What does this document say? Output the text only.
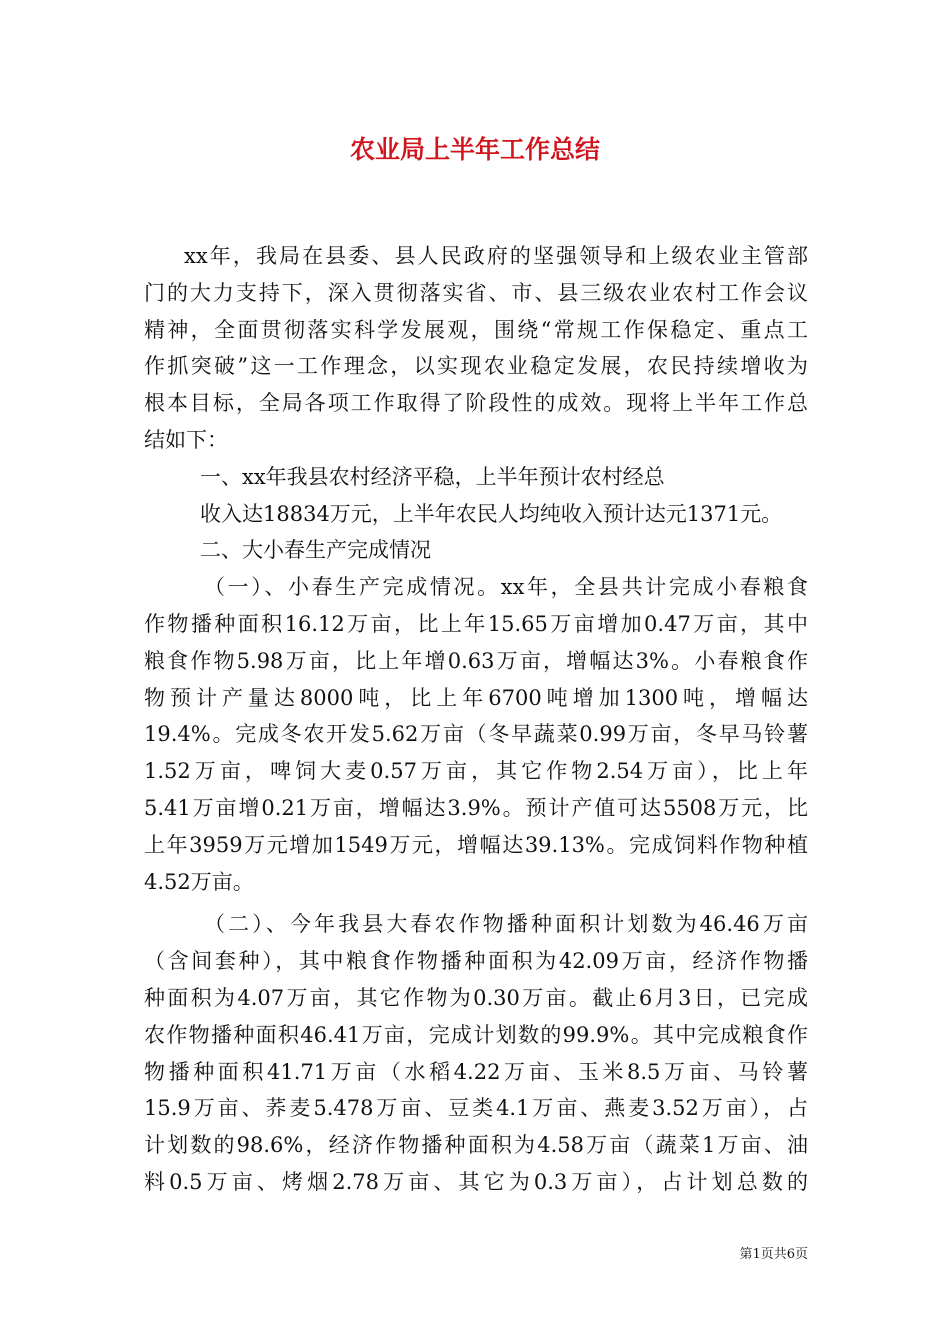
农业局上半年工作总结
xx年，我局在县委、县人民政府的坚强领导和上级农业主管部
门的大力支持下，深入贯彻落实省、市、县三级农业农村工作会议
精神，全面贯彻落实科学发展观，围绕“常规工作保稳定、重点工
作抓突破”这一工作理念，以实现农业稳定发展，农民持续增收为
根本目标，全局各项工作取得了阶段性的成效。现将上半年工作总
结如下：
一、xx年我县农村经济平稳，上半年预计农村经总
收入达18834万元，上半年农民人均纯收入预计达元1371元。
二、大小春生产完成情况
（一）、小春生产完成情况。xx年，全县共计完成小春粮食
作物播种面积16.12万亩，比上年15.65万亩增加0.47万亩，其中
粮食作物5.98万亩，比上年增0.63万亩，增幅达3%。小春粮食作
物预计产量达8000吨，比上年6700吨增加1300吨，增幅达
19.4%。完成冬农开发5.62万亩（冬早蔬菜0.99万亩，冬早马铃薯
1.52万亩，啤饲大麦0.57万亩，其它作物2.54万亩），比上年
5.41万亩增0.21万亩，增幅达3.9%。预计产值可达5508万元，比
上年3959万元增加1549万元，增幅达39.13%。完成饲料作物种植
4.52万亩。
（二）、今年我县大春农作物播种面积计划数为46.46万亩
（含间套种），其中粮食作物播种面积为42.09万亩，经济作物播
种面积为4.07万亩，其它作物为0.30万亩。截止6月3日，已完成
农作物播种面积46.41万亩，完成计划数的99.9%。其中完成粮食作
物播种面积41.71万亩（水稻4.22万亩、玉米8.5万亩、马铃薯
15.9万亩、荞麦5.478万亩、豆类4.1万亩、燕麦3.52万亩），占
计划数的98.6%，经济作物播种面积为4.58万亩（蔬菜1万亩、油
料0.5万亩、烤烟2.78万亩、其它为0.3万亩），占计划总数的
第1页共6页
